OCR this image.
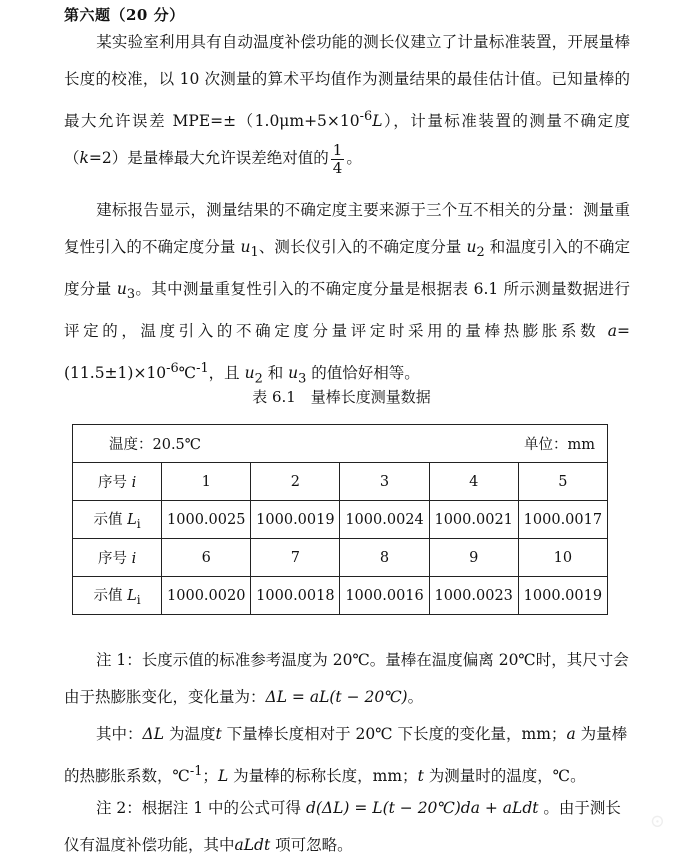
第六题（20 分）
某实验室利用具有自动温度补偿功能的测长仪建立了计量标准装置，开展量棒长度的校准，以 10 次测量的算术平均值作为测量结果的最佳估计值。已知量棒的最大允许误差 $MPE=\pm(1.0\mu m+5\times 10^{-6}L)$，计量标准装置的测量不确定度（k=2）是量棒最大允许误差绝对值的 $\frac{1}{4}$ 。
建标报告显示，测量结果的不确定度主要来源于三个互不相关的分量：测量重复性引入的不确定度分量 $u_1$、测长仪引入的不确定度分量 $u_2$ 和温度引入的不确定度分量 $u_3$。其中测量重复性引入的不确定度分量是根据表 6.1 所示测量数据进行评定的，温度引入的不确定度分量评定时采用的量棒热膨胀系数 $a=(11.5\pm 1)\times 10^{-6}℃^{-1}$，且 $u_2$ 和 $u_3$ 的值恰好相等。
表 6.1　量棒长度测量数据
温度：20.5℃ 单位：mm					

序号 i	1	2	3	4	5
示值 $L_i$	1000.0025	1000.0019	1000.0024	1000.0021	1000.0017
序号 i	6	7	8	9	10
示值 $L_i$	1000.0020	1000.0018	1000.0016	1000.0023	1000.0019
注 1：长度示值的标准参考温度为 20℃。量棒在温度偏离 20℃时，其尺寸会由于热膨胀变化，变化量为：ΔL = aL(t − 20℃)。
其中：ΔL 为温度t 下量棒长度相对于 20℃ 下长度的变化量，mm；a 为量棒的热膨胀系数，℃$^{-1}$；L 为量棒的标称长度，mm；t 为测量时的温度，℃。
注 2：根据注 1 中的公式可得 d(ΔL) = L(t − 20℃)da + aLdt 。由于测长仪有温度补偿功能，其中aLdt 项可忽略。
⊙
